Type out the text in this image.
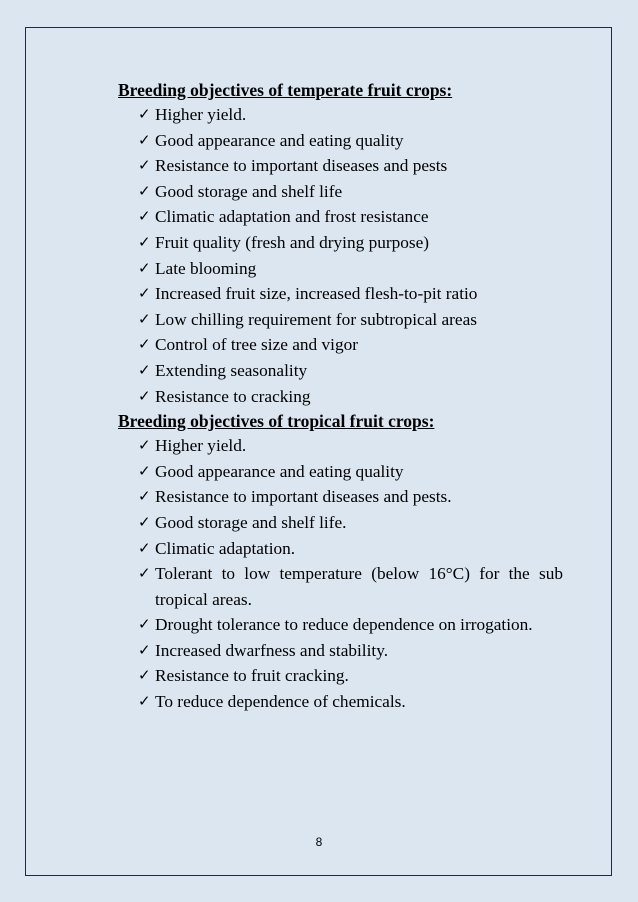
Breeding objectives of temperate fruit crops:
✓ Higher yield.
✓ Good appearance and eating quality
✓ Resistance to important diseases and pests
✓ Good storage and shelf life
✓ Climatic adaptation and frost resistance
✓ Fruit quality (fresh and drying purpose)
✓ Late blooming
✓ Increased fruit size, increased flesh-to-pit ratio
✓ Low chilling requirement for subtropical areas
✓ Control of tree size and vigor
✓ Extending seasonality
✓ Resistance to cracking
Breeding objectives of tropical fruit crops:
✓ Higher yield.
✓ Good appearance and eating quality
✓ Resistance to important diseases and pests.
✓ Good storage and shelf life.
✓ Climatic adaptation.
✓ Tolerant to low temperature (below 16°C) for the sub tropical areas.
✓ Drought tolerance to reduce dependence on irrogation.
✓ Increased dwarfness and stability.
✓ Resistance to fruit cracking.
✓ To reduce dependence of chemicals.
8
